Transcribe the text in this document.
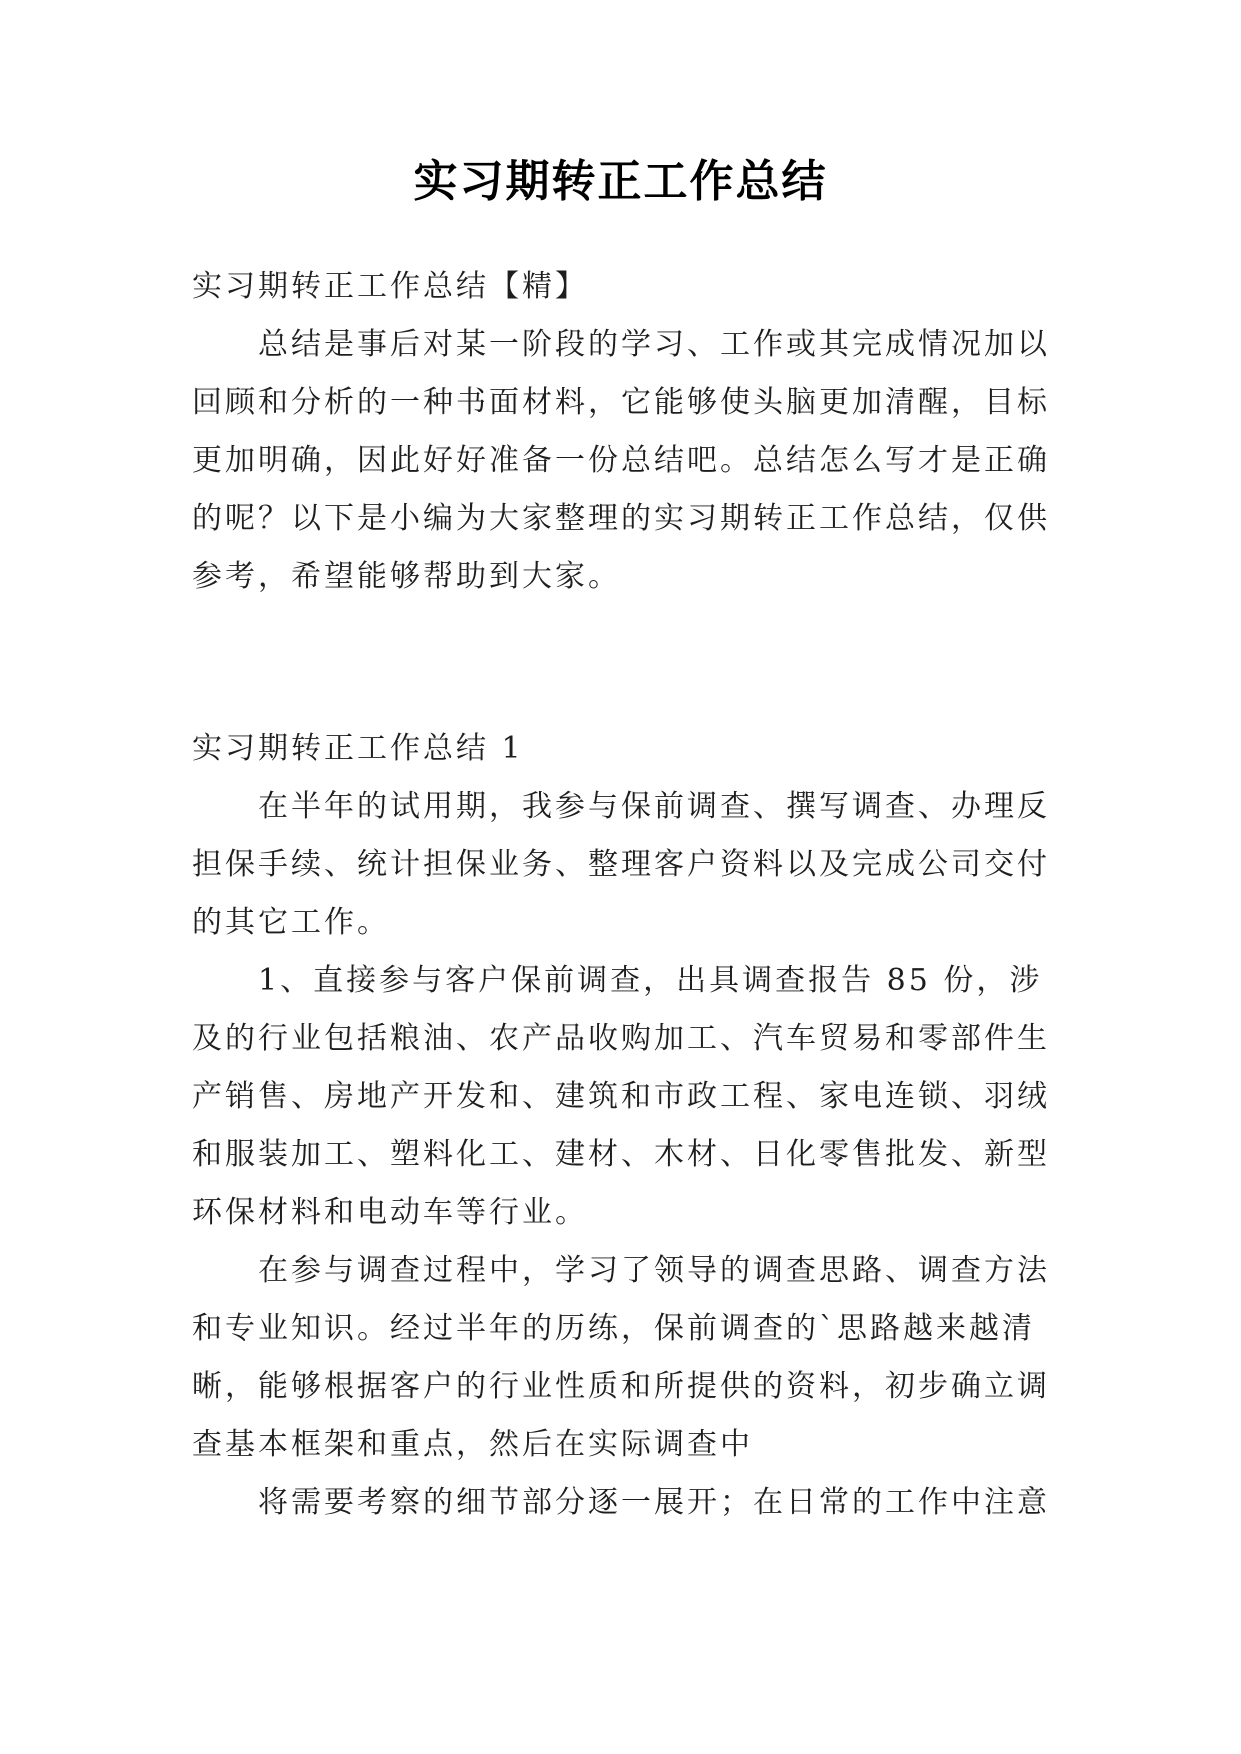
实习期转正工作总结

实习期转正工作总结【精】

总结是事后对某一阶段的学习、工作或其完成情况加以回顾和分析的一种书面材料，它能够使头脑更加清醒，目标更加明确，因此好好准备一份总结吧。总结怎么写才是正确的呢？以下是小编为大家整理的实习期转正工作总结，仅供参考，希望能够帮助到大家。

实习期转正工作总结 1

在半年的试用期，我参与保前调查、撰写调查、办理反担保手续、统计担保业务、整理客户资料以及完成公司交付的其它工作。

1、直接参与客户保前调查，出具调查报告 85 份，涉及的行业包括粮油、农产品收购加工、汽车贸易和零部件生产销售、房地产开发和、建筑和市政工程、家电连锁、羽绒和服装加工、塑料化工、建材、木材、日化零售批发、新型环保材料和电动车等行业。

在参与调查过程中，学习了领导的调查思路、调查方法和专业知识。经过半年的历练，保前调查的`思路越来越清晰，能够根据客户的行业性质和所提供的资料，初步确立调查基本框架和重点，然后在实际调查中

将需要考察的细节部分逐一展开；在日常的工作中注意
